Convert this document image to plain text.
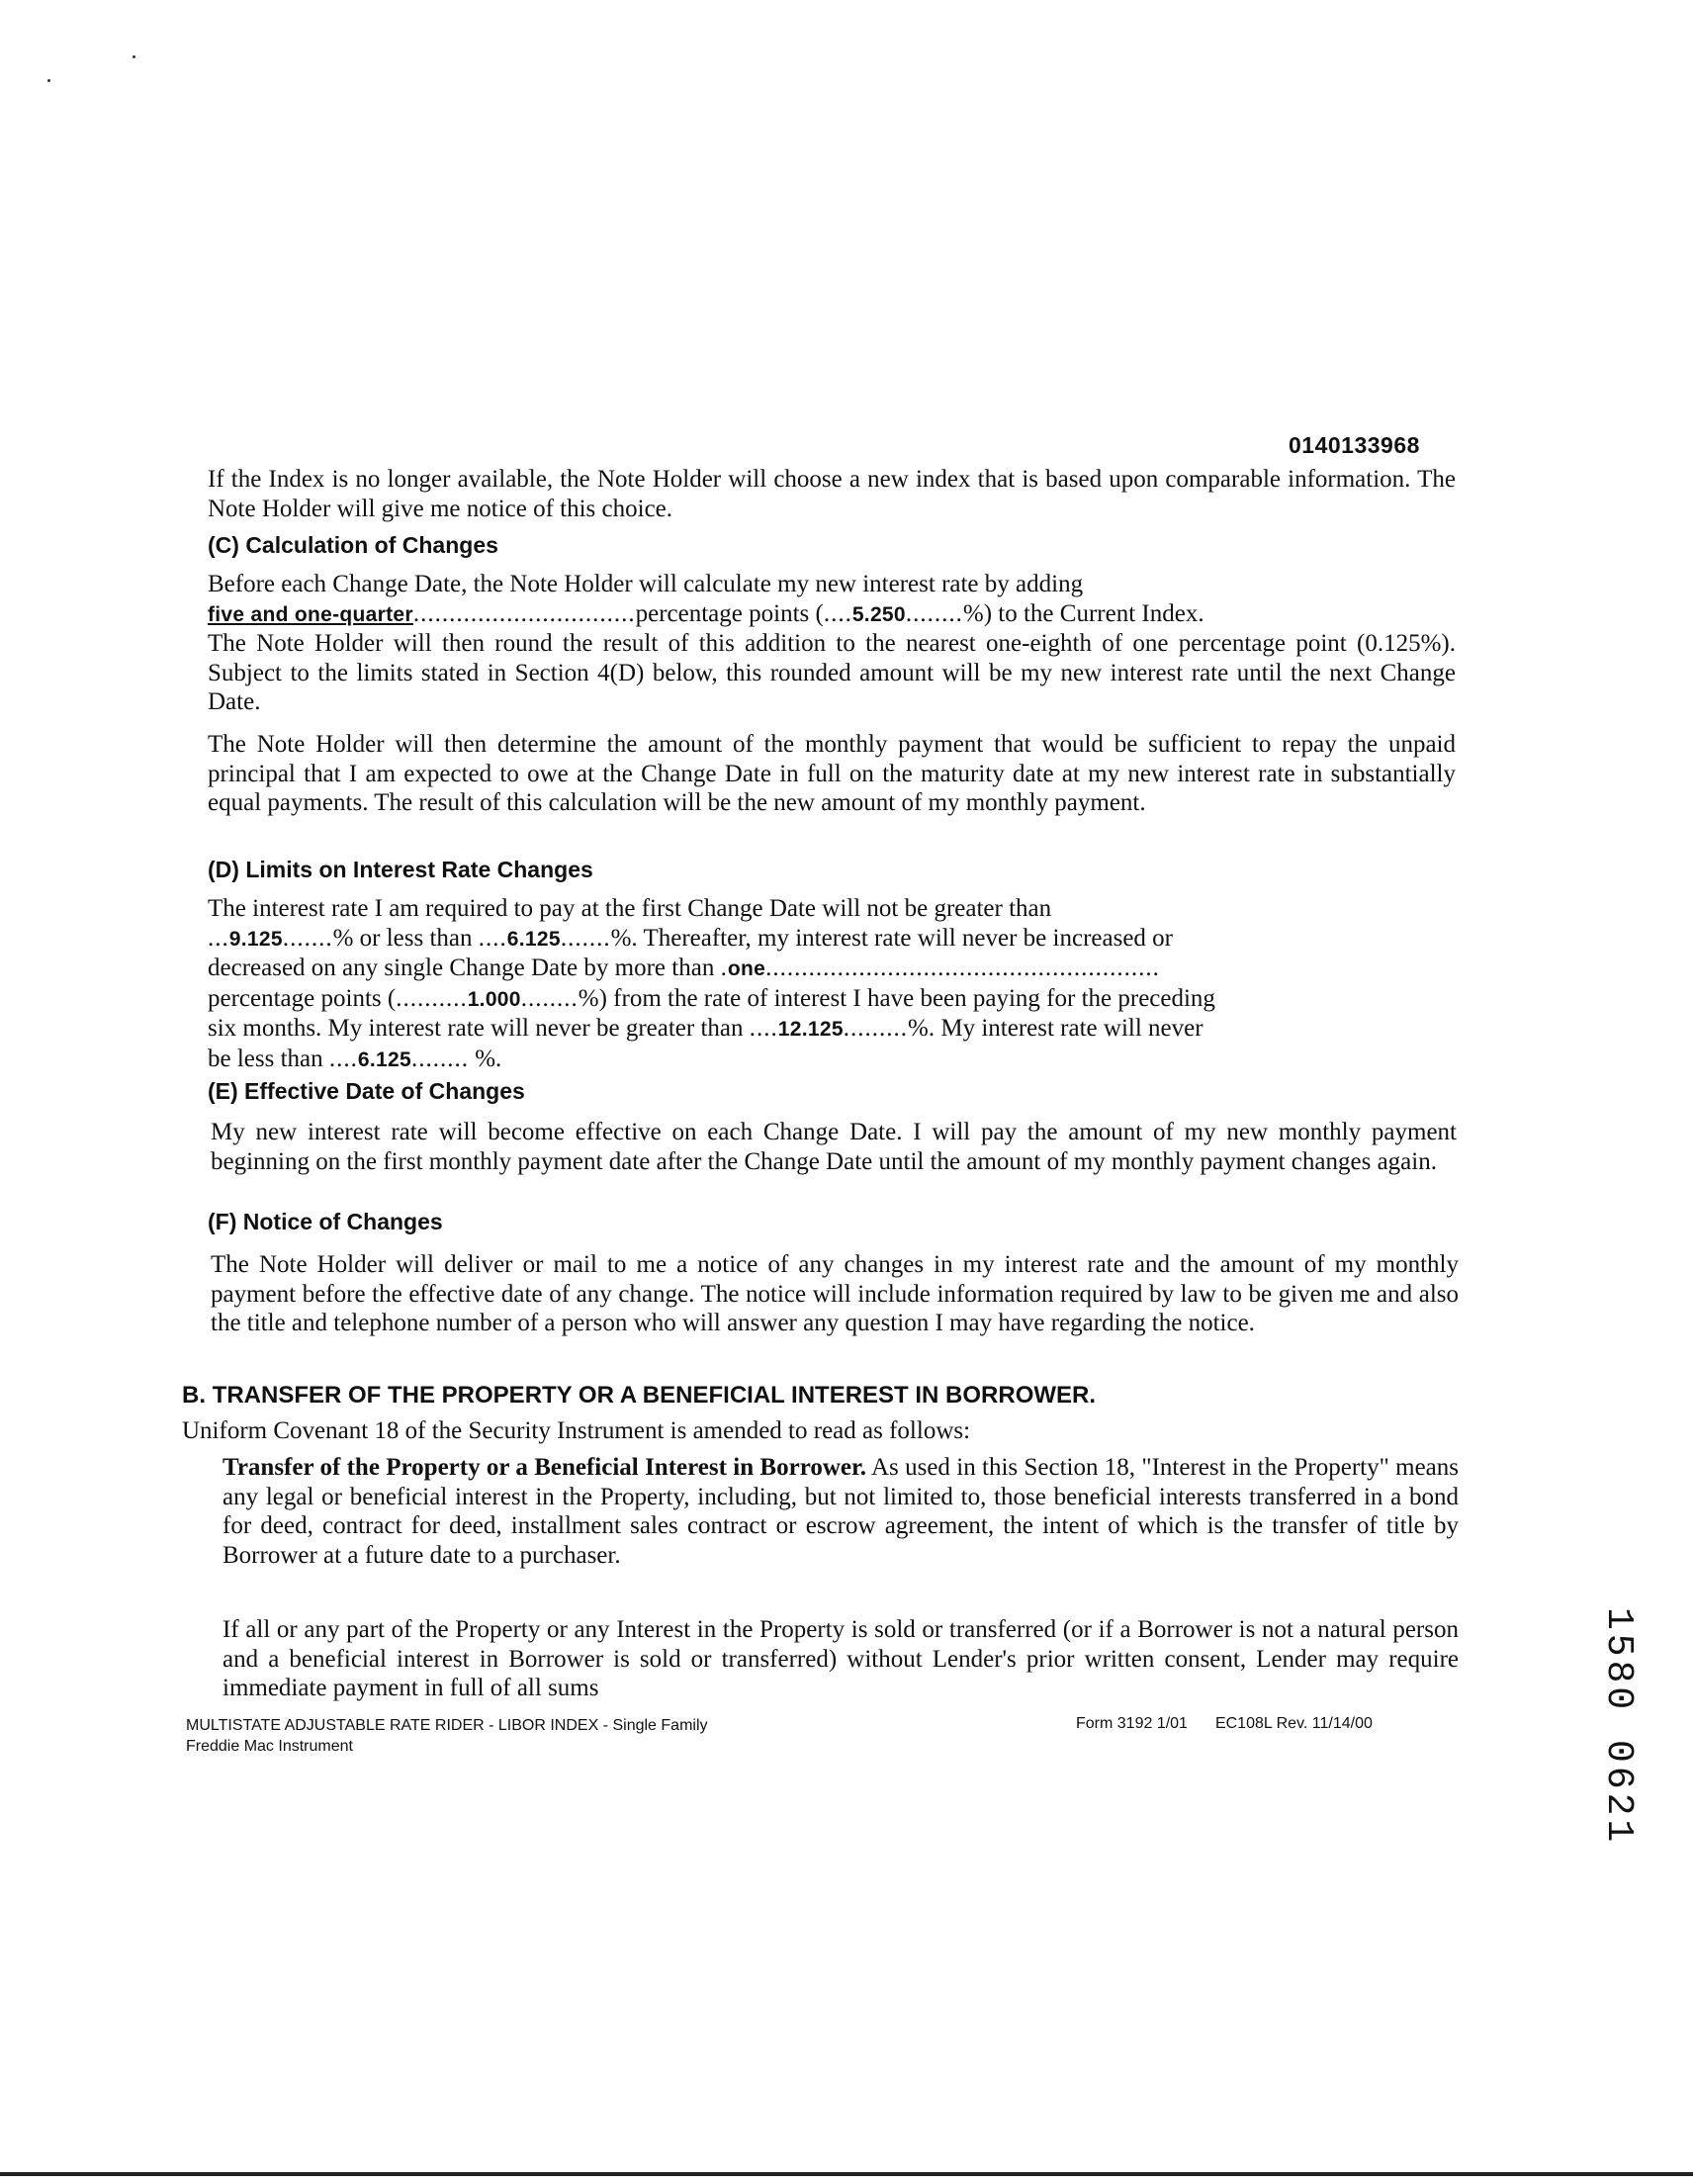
0140133968

If the Index is no longer available, the Note Holder will choose a new index that is based upon comparable information. The Note Holder will give me notice of this choice.

(C) Calculation of Changes
Before each Change Date, the Note Holder will calculate my new interest rate by adding
five and one-quarter...............................percentage points (....5.250........%) to the Current Index.

The Note Holder will then round the result of this addition to the nearest one-eighth of one percentage point (0.125%). Subject to the limits stated in Section 4(D) below, this rounded amount will be my new interest rate until the next Change Date.

The Note Holder will then determine the amount of the monthly payment that would be sufficient to repay the unpaid principal that I am expected to owe at the Change Date in full on the maturity date at my new interest rate in substantially equal payments. The result of this calculation will be the new amount of my monthly payment.

(D) Limits on Interest Rate Changes
The interest rate I am required to pay at the first Change Date will not be greater than
...9.125.......% or less than ....6.125.......%. Thereafter, my interest rate will never be increased or
decreased on any single Change Date by more than .one.......................................................
percentage points (..........1.000........%) from the rate of interest I have been paying for the preceding
six months. My interest rate will never be greater than ....12.125.........%. My interest rate will never
be less than ....6.125........ %.
(E) Effective Date of Changes

My new interest rate will become effective on each Change Date. I will pay the amount of my new monthly payment beginning on the first monthly payment date after the Change Date until the amount of my monthly payment changes again.

(F) Notice of Changes

The Note Holder will deliver or mail to me a notice of any changes in my interest rate and the amount of my monthly payment before the effective date of any change. The notice will include information required by law to be given me and also the title and telephone number of a person who will answer any question I may have regarding the notice.

B. TRANSFER OF THE PROPERTY OR A BENEFICIAL INTEREST IN BORROWER.

Uniform Covenant 18 of the Security Instrument is amended to read as follows:

Transfer of the Property or a Beneficial Interest in Borrower. As used in this Section 18, "Interest in the Property" means any legal or beneficial interest in the Property, including, but not limited to, those beneficial interests transferred in a bond for deed, contract for deed, installment sales contract or escrow agreement, the intent of which is the transfer of title by Borrower at a future date to a purchaser.

If all or any part of the Property or any Interest in the Property is sold or transferred (or if a Borrower is not a natural person and a beneficial interest in Borrower is sold or transferred) without Lender's prior written consent, Lender may require immediate payment in full of all sums

MULTISTATE ADJUSTABLE RATE RIDER - LIBOR INDEX - Single Family
Freddie Mac Instrument
Form 3192 1/01 EC108L Rev. 11/14/00	1580 0621
